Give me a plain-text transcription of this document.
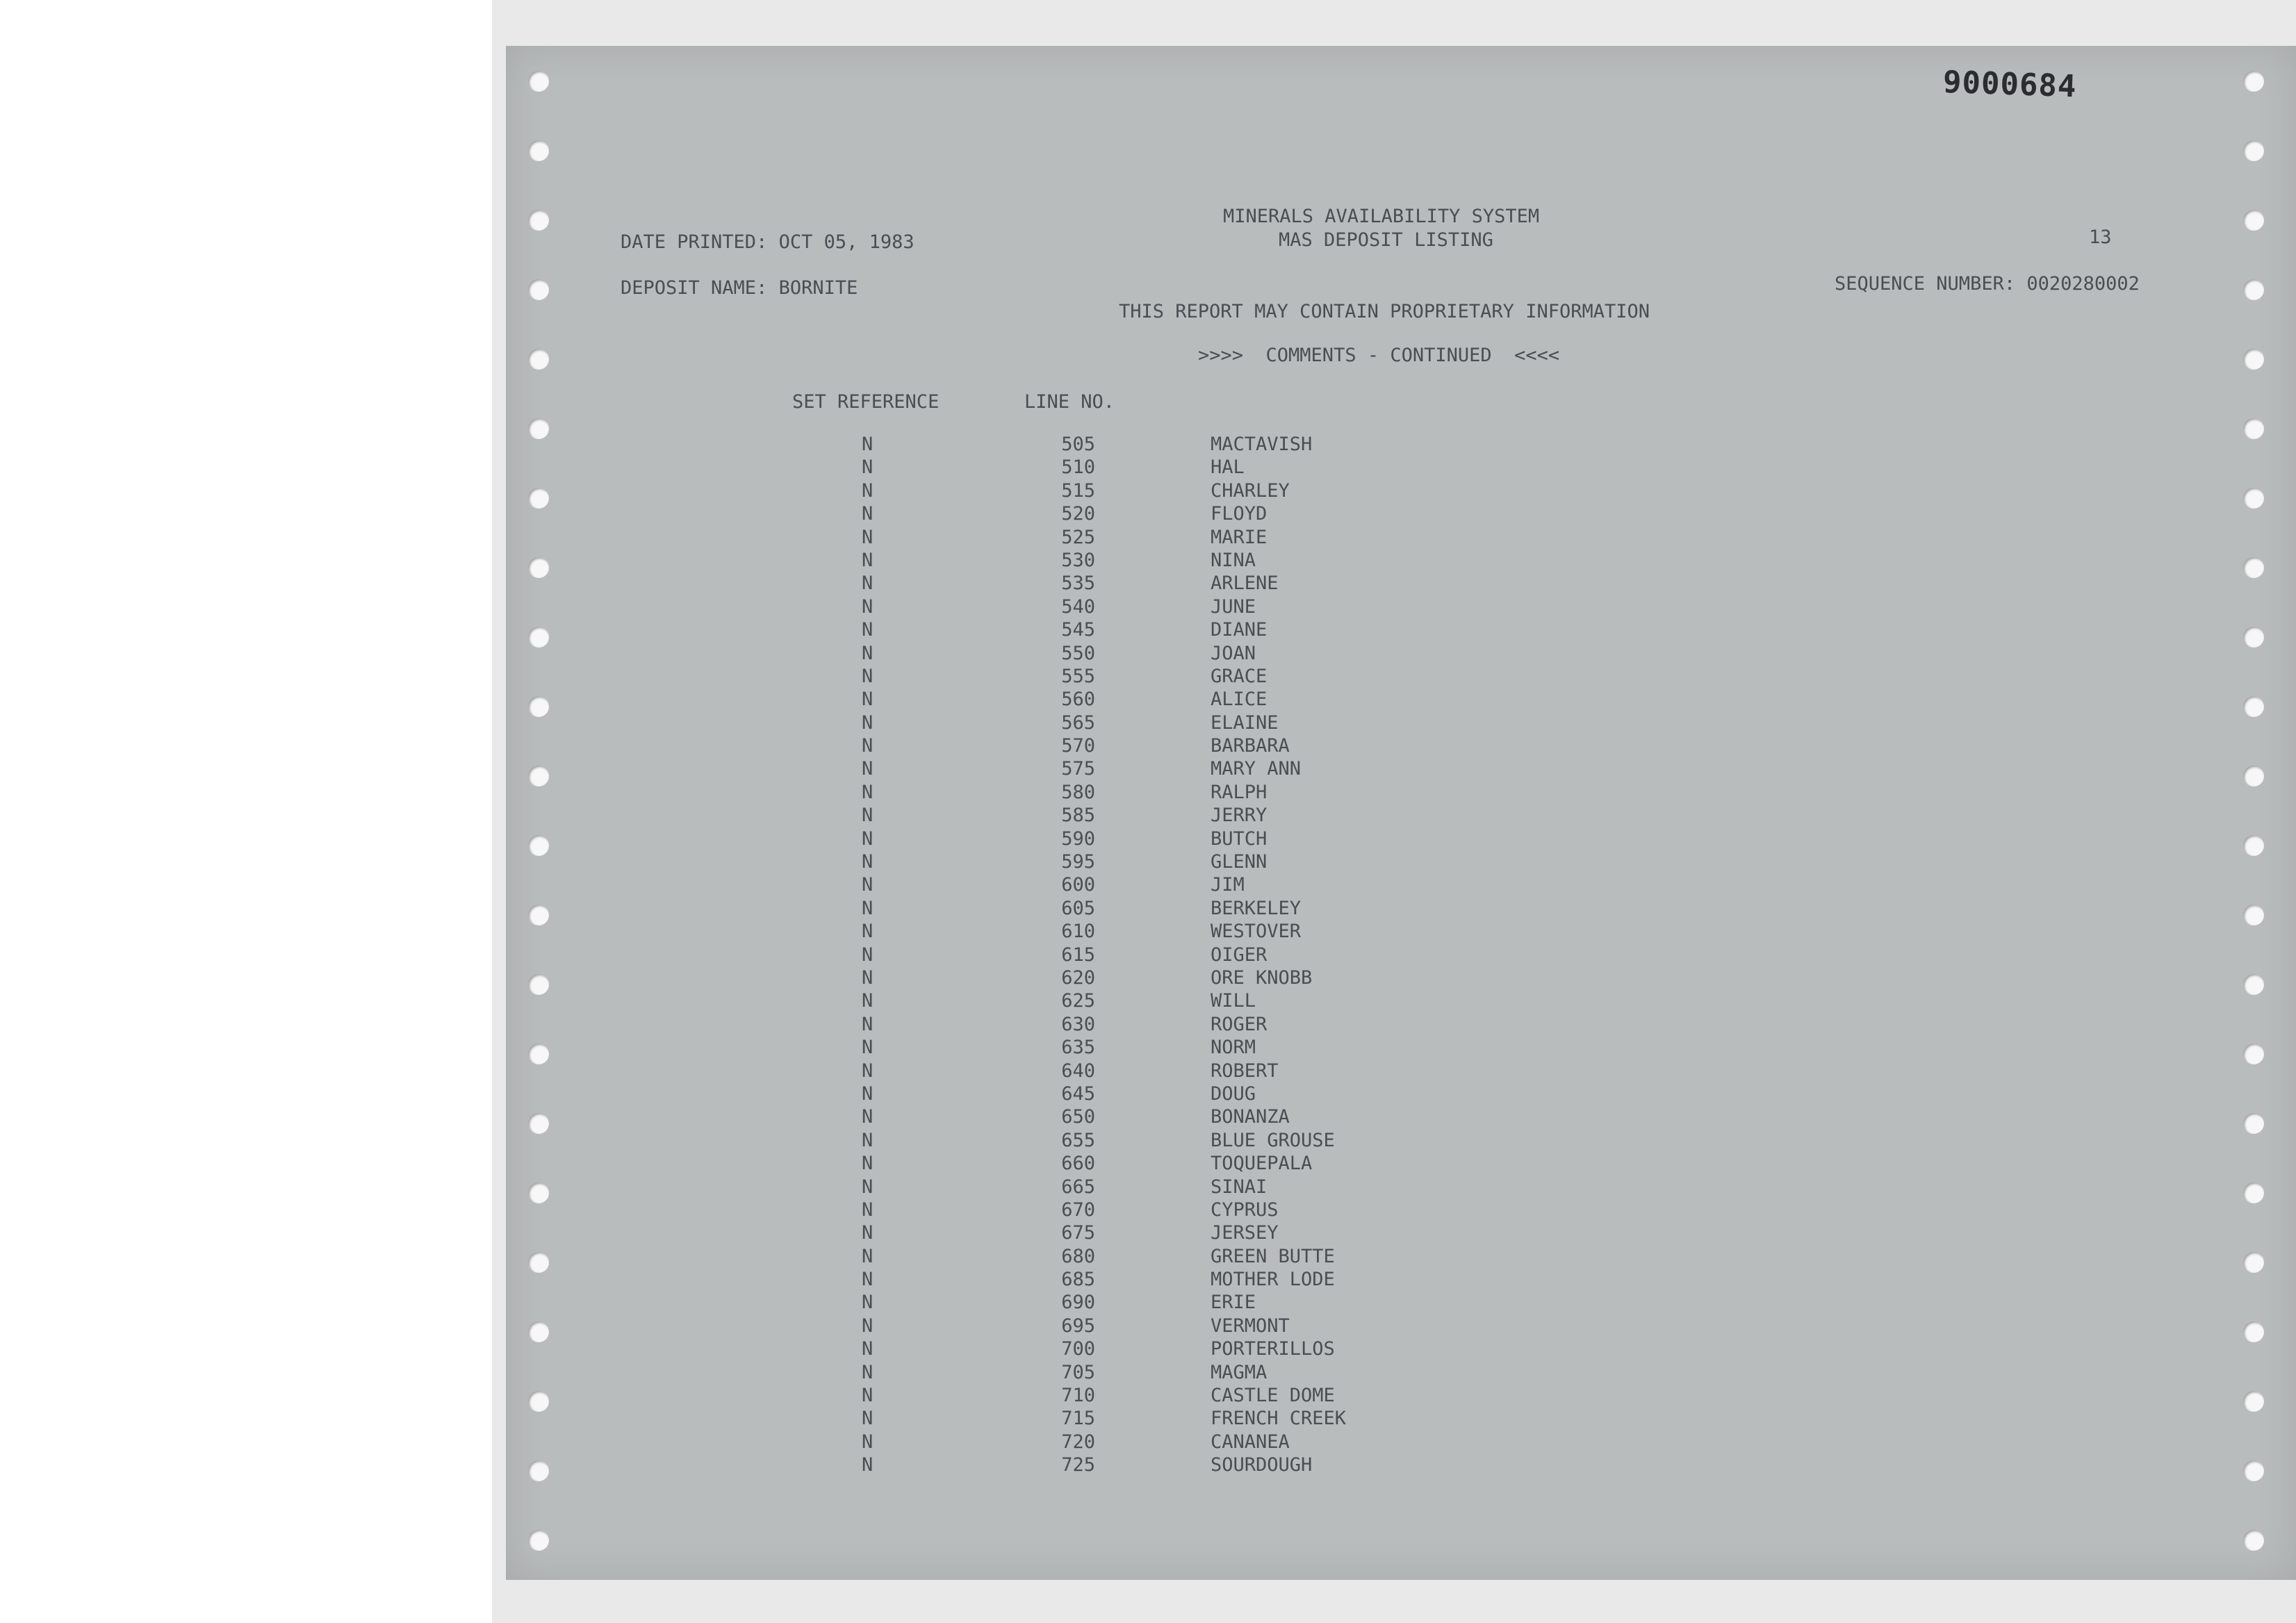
9000684
MINERALS AVAILABILITY SYSTEM
MAS DEPOSIT LISTING
DATE PRINTED: OCT 05, 1983	13
DEPOSIT NAME: BORNITE	SEQUENCE NUMBER: 0020280002
THIS REPORT MAY CONTAIN PROPRIETARY INFORMATION
>>>>  COMMENTS - CONTINUED  <<<<
SET REFERENCE	LINE NO.
N	505	MACTAVISH
N	510	HAL
N	515	CHARLEY
N	520	FLOYD
N	525	MARIE
N	530	NINA
N	535	ARLENE
N	540	JUNE
N	545	DIANE
N	550	JOAN
N	555	GRACE
N	560	ALICE
N	565	ELAINE
N	570	BARBARA
N	575	MARY ANN
N	580	RALPH
N	585	JERRY
N	590	BUTCH
N	595	GLENN
N	600	JIM
N	605	BERKELEY
N	610	WESTOVER
N	615	OIGER
N	620	ORE KNOBB
N	625	WILL
N	630	ROGER
N	635	NORM
N	640	ROBERT
N	645	DOUG
N	650	BONANZA
N	655	BLUE GROUSE
N	660	TOQUEPALA
N	665	SINAI
N	670	CYPRUS
N	675	JERSEY
N	680	GREEN BUTTE
N	685	MOTHER LODE
N	690	ERIE
N	695	VERMONT
N	700	PORTERILLOS
N	705	MAGMA
N	710	CASTLE DOME
N	715	FRENCH CREEK
N	720	CANANEA
N	725	SOURDOUGH
